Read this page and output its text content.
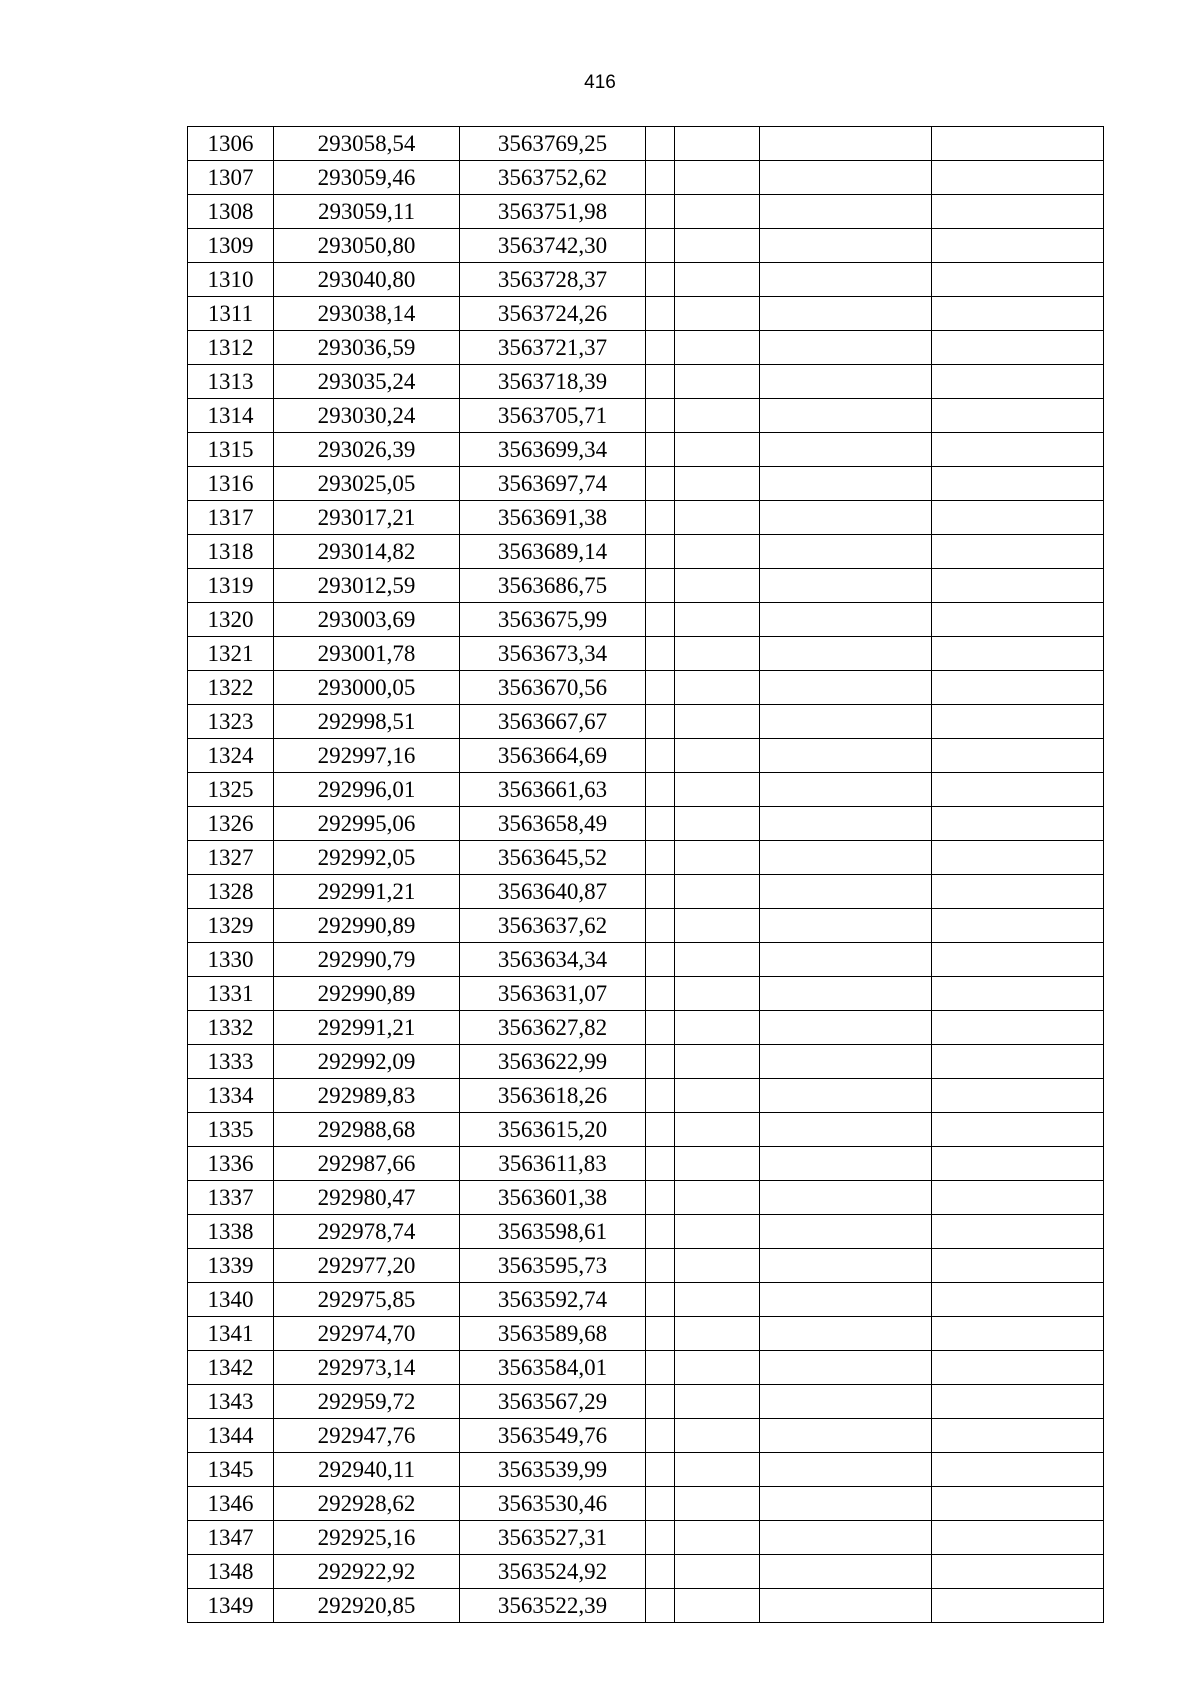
416
1306	293058,54	3563769,25				
1307	293059,46	3563752,62				
1308	293059,11	3563751,98				
1309	293050,80	3563742,30				
1310	293040,80	3563728,37				
1311	293038,14	3563724,26				
1312	293036,59	3563721,37				
1313	293035,24	3563718,39				
1314	293030,24	3563705,71				
1315	293026,39	3563699,34				
1316	293025,05	3563697,74				
1317	293017,21	3563691,38				
1318	293014,82	3563689,14				
1319	293012,59	3563686,75				
1320	293003,69	3563675,99				
1321	293001,78	3563673,34				
1322	293000,05	3563670,56				
1323	292998,51	3563667,67				
1324	292997,16	3563664,69				
1325	292996,01	3563661,63				
1326	292995,06	3563658,49				
1327	292992,05	3563645,52				
1328	292991,21	3563640,87				
1329	292990,89	3563637,62				
1330	292990,79	3563634,34				
1331	292990,89	3563631,07				
1332	292991,21	3563627,82				
1333	292992,09	3563622,99				
1334	292989,83	3563618,26				
1335	292988,68	3563615,20				
1336	292987,66	3563611,83				
1337	292980,47	3563601,38				
1338	292978,74	3563598,61				
1339	292977,20	3563595,73				
1340	292975,85	3563592,74				
1341	292974,70	3563589,68				
1342	292973,14	3563584,01				
1343	292959,72	3563567,29				
1344	292947,76	3563549,76				
1345	292940,11	3563539,99				
1346	292928,62	3563530,46				
1347	292925,16	3563527,31				
1348	292922,92	3563524,92				
1349	292920,85	3563522,39				
